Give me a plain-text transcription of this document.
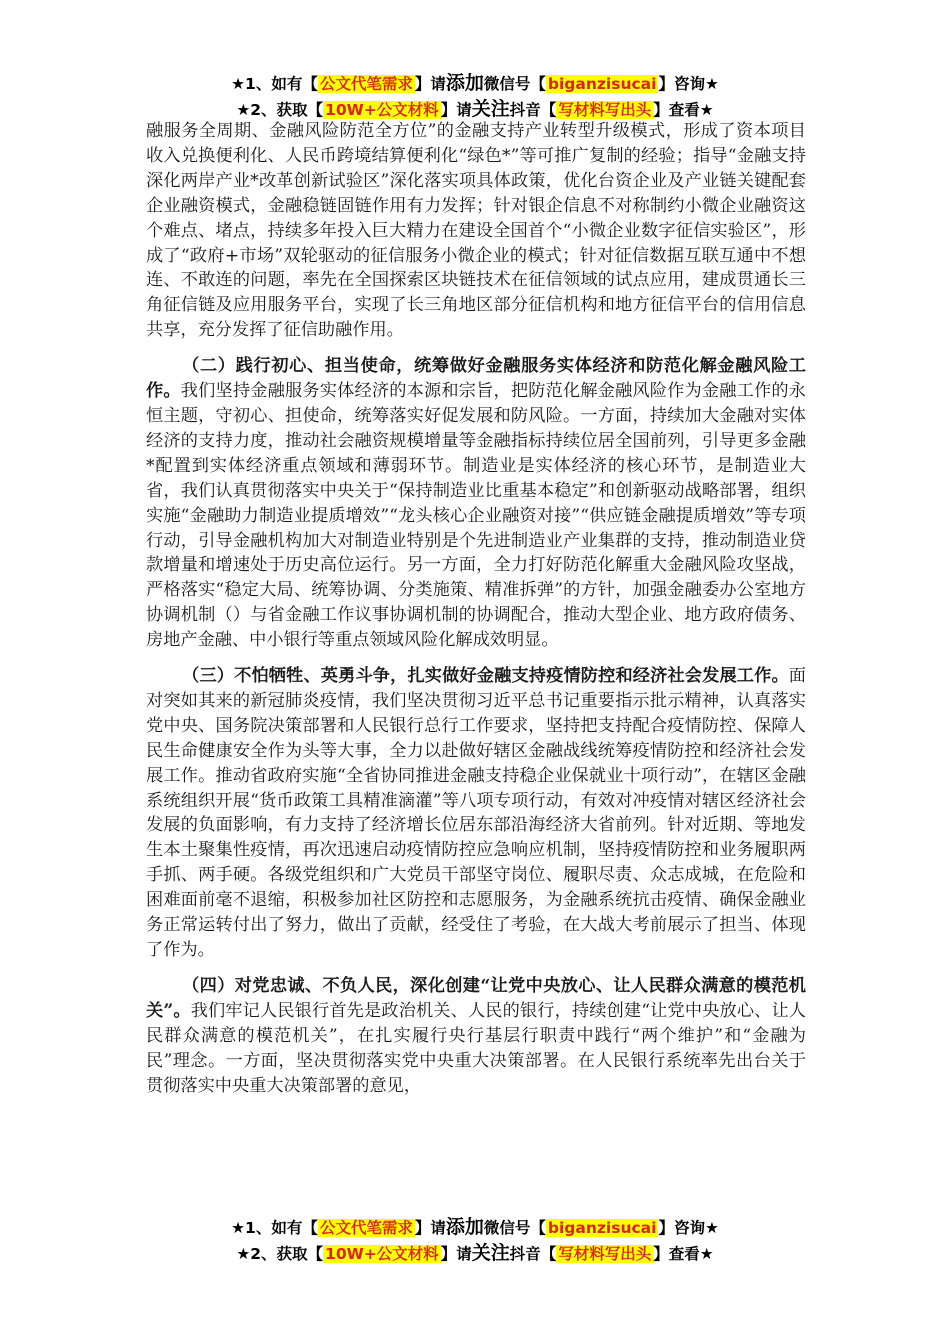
★1、如有【 公文代笔需求 】请添加微信号【 biganzisucai 】咨询★
★2、获取【 10W+公文材料 】请关注抖音【 写材料写出头 】查看★

融服务全周期、金融风险防范全方位”的金融支持产业转型升级模式，形成了资本项目收入兑换便利化、人民币跨境结算便利化“绿色*”等可推广复制的经验；指导“金融支持深化两岸产业*改革创新试验区”深化落实项具体政策，优化台资企业及产业链关键配套企业融资模式，金融稳链固链作用有力发挥；针对银企信息不对称制约小微企业融资这个难点、堵点，持续多年投入巨大精力在建设全国首个“小微企业数字征信实验区”，形成了“政府+市场”双轮驱动的征信服务小微企业的模式；针对征信数据互联互通中不想连、不敢连的问题，率先在全国探索区块链技术在征信领域的试点应用，建成贯通长三角征信链及应用服务平台，实现了长三角地区部分征信机构和地方征信平台的信用信息共享，充分发挥了征信助融作用。

（二）践行初心、担当使命，统筹做好金融服务实体经济和防范化解金融风险工作。我们坚持金融服务实体经济的本源和宗旨，把防范化解金融风险作为金融工作的永恒主题，守初心、担使命，统筹落实好促发展和防风险。一方面，持续加大金融对实体经济的支持力度，推动社会融资规模增量等金融指标持续位居全国前列，引导更多金融*配置到实体经济重点领域和薄弱环节。制造业是实体经济的核心环节，是制造业大省，我们认真贯彻落实中央关于“保持制造业比重基本稳定”和创新驱动战略部署，组织实施“金融助力制造业提质增效”“龙头核心企业融资对接”“供应链金融提质增效”等专项行动，引导金融机构加大对制造业特别是个先进制造业产业集群的支持，推动制造业贷款增量和增速处于历史高位运行。另一方面，全力打好防范化解重大金融风险攻坚战，严格落实“稳定大局、统筹协调、分类施策、精准拆弹”的方针，加强金融委办公室地方协调机制（）与省金融工作议事协调机制的协调配合，推动大型企业、地方政府债务、房地产金融、中小银行等重点领域风险化解成效明显。

（三）不怕牺牲、英勇斗争，扎实做好金融支持疫情防控和经济社会发展工作。面对突如其来的新冠肺炎疫情，我们坚决贯彻习近平总书记重要指示批示精神，认真落实党中央、国务院决策部署和人民银行总行工作要求，坚持把支持配合疫情防控、保障人民生命健康安全作为头等大事，全力以赴做好辖区金融战线统筹疫情防控和经济社会发展工作。推动省政府实施“全省协同推进金融支持稳企业保就业十项行动”，在辖区金融系统组织开展“货币政策工具精准滴灌”等八项专项行动，有效对冲疫情对辖区经济社会发展的负面影响，有力支持了经济增长位居东部沿海经济大省前列。针对近期、等地发生本土聚集性疫情，再次迅速启动疫情防控应急响应机制，坚持疫情防控和业务履职两手抓、两手硬。各级党组织和广大党员干部坚守岗位、履职尽责、众志成城，在危险和困难面前毫不退缩，积极参加社区防控和志愿服务，为金融系统抗击疫情、确保金融业务正常运转付出了努力，做出了贡献，经受住了考验，在大战大考前展示了担当、体现了作为。

（四）对党忠诚、不负人民，深化创建“让党中央放心、让人民群众满意的模范机关”。我们牢记人民银行首先是政治机关、人民的银行，持续创建“让党中央放心、让人民群众满意的模范机关”，在扎实履行央行基层行职责中践行“两个维护”和“金融为民”理念。一方面，坚决贯彻落实党中央重大决策部署。在人民银行系统率先出台关于贯彻落实中央重大决策部署的意见，

★1、如有【 公文代笔需求 】请添加微信号【 biganzisucai 】咨询★
★2、获取【 10W+公文材料 】请关注抖音【 写材料写出头 】查看★
